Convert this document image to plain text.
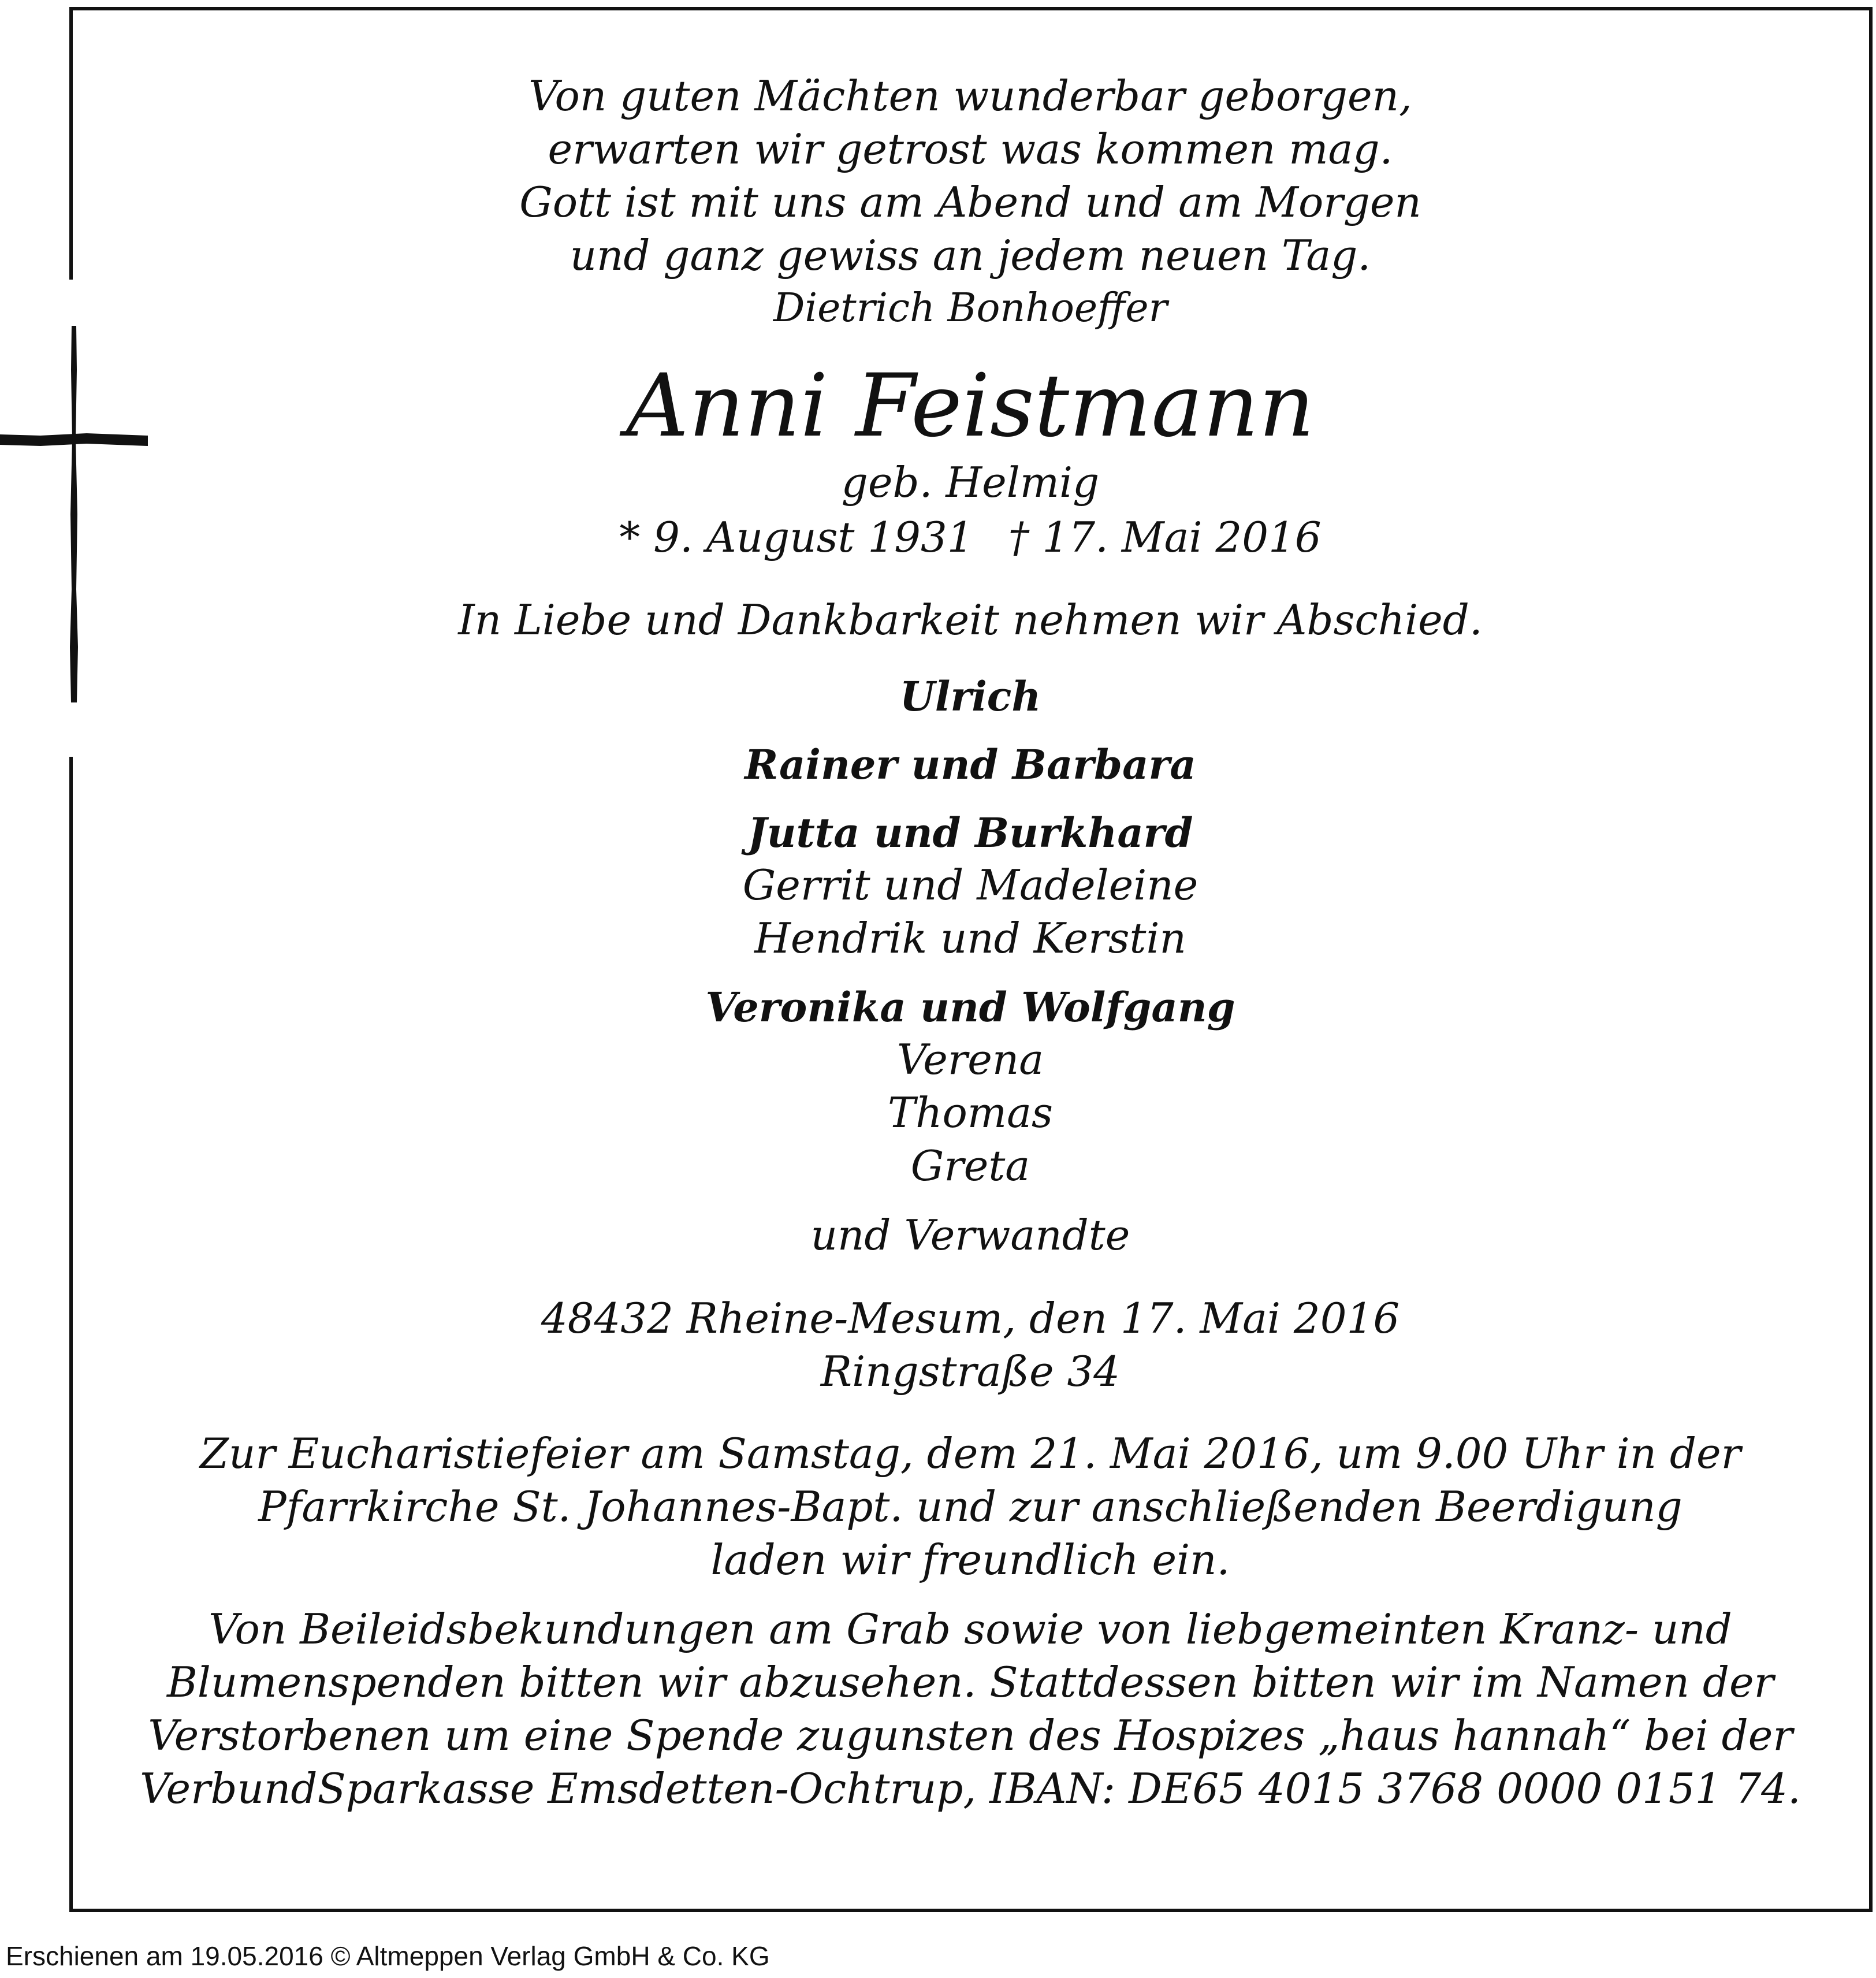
Von guten Mächten wunderbar geborgen,
erwarten wir getrost was kommen mag.
Gott ist mit uns am Abend und am Morgen
und ganz gewiss an jedem neuen Tag.
Dietrich Bonhoeffer
Anni Feistmann
geb. Helmig
* 9. August 1931 † 17. Mai 2016
In Liebe und Dankbarkeit nehmen wir Abschied.
Ulrich
Rainer und Barbara
Jutta und Burkhard
Gerrit und Madeleine
Hendrik und Kerstin
Veronika und Wolfgang
Verena
Thomas
Greta
und Verwandte
48432 Rheine-Mesum, den 17. Mai 2016
Ringstraße 34
Zur Eucharistiefeier am Samstag, dem 21. Mai 2016, um 9.00 Uhr in der
Pfarrkirche St. Johannes-Bapt. und zur anschließenden Beerdigung
laden wir freundlich ein.
Von Beileidsbekundungen am Grab sowie von liebgemeinten Kranz- und
Blumenspenden bitten wir abzusehen. Stattdessen bitten wir im Namen der
Verstorbenen um eine Spende zugunsten des Hospizes „haus hannah“ bei der
VerbundSparkasse Emsdetten-Ochtrup, IBAN: DE65 4015 3768 0000 0151 74.
Erschienen am 19.05.2016 © Altmeppen Verlag GmbH & Co. KG
